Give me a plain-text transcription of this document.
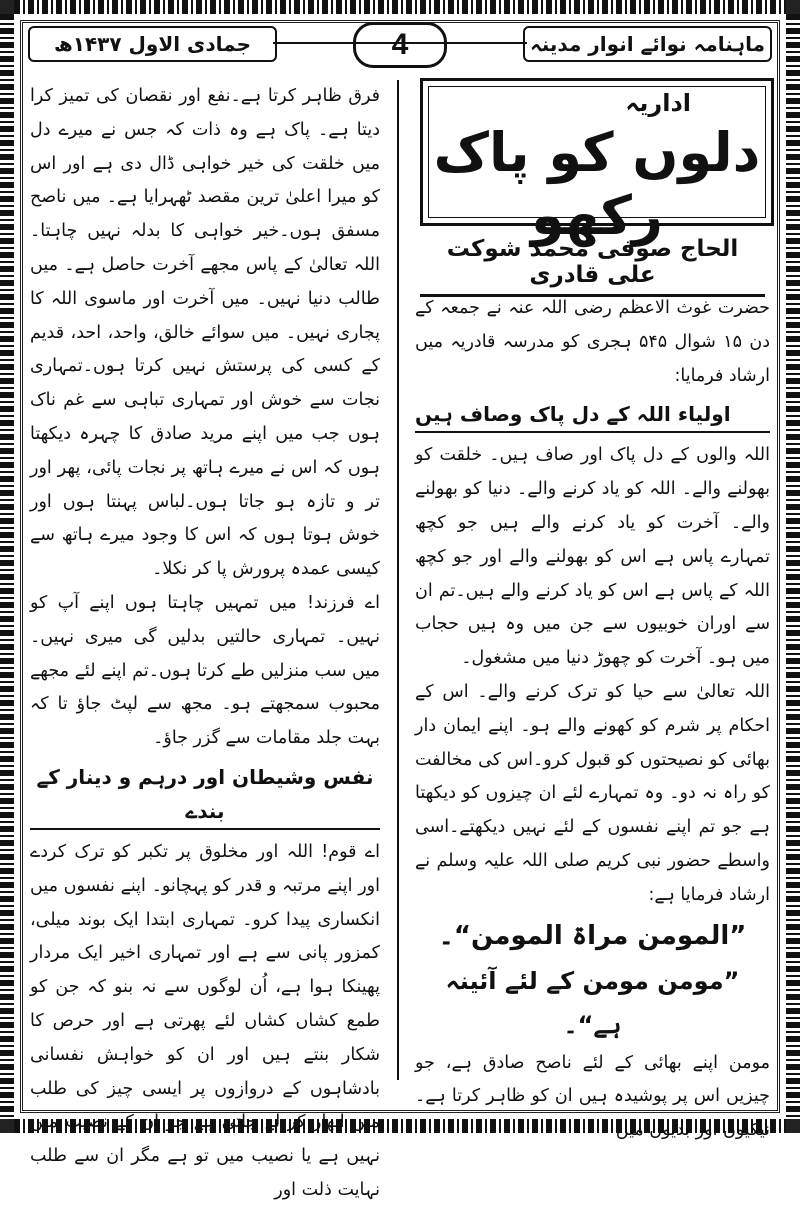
جمادی الاول ۱۴۳۷ھ	4	ماہنامہ نوائے انوار مدینہ
اداریہ
دلوں کو پاک رکھو
الحاج صوفی محمد شوکت علی قادری

حضرت غوث الاعظم رضی اللہ عنہ نے جمعہ کے دن ۱۵ شوال ۵۴۵ ہجری کو مدرسہ قادریہ میں ارشاد فرمایا:

اولیاء اللہ کے دل پاک وصاف ہیں

اللہ والوں کے دل پاک اور صاف ہیں۔ خلقت کو بھولنے والے۔ اللہ کو یاد کرنے والے۔ دنیا کو بھولنے والے۔ آخرت کو یاد کرنے والے ہیں جو کچھ تمہارے پاس ہے اس کو بھولنے والے اور جو کچھ اللہ کے پاس ہے اس کو یاد کرنے والے ہیں۔تم ان سے اوران خوبیوں سے جن میں وہ ہیں حجاب میں ہو۔ آخرت کو چھوڑ دنیا میں مشغول۔

اللہ تعالیٰ سے حیا کو ترک کرنے والے۔ اس کے احکام پر شرم کو کھونے والے ہو۔ اپنے ایمان دار بھائی کو نصیحتوں کو قبول کرو۔اس کی مخالفت کو راہ نہ دو۔ وہ تمہارے لئے ان چیزوں کو دیکھتا ہے جو تم اپنے نفسوں کے لئے نہیں دیکھتے۔اسی واسطے حضور نبی کریم صلی اللہ علیہ وسلم نے ارشاد فرمایا ہے:

”المومن مراۃ المومن“۔
”مومن مومن کے لئے آئینہ ہے“۔

مومن اپنے بھائی کے لئے ناصح صادق ہے، جو چیزیں اس پر پوشیدہ ہیں ان کو ظاہر کرتا ہے۔ نیکیوں اور بدیوں میں

فرق ظاہر کرتا ہے۔نفع اور نقصان کی تمیز کرا دیتا ہے۔ پاک ہے وہ ذات کہ جس نے میرے دل میں خلقت کی خیر خواہی ڈال دی ہے اور اس کو میرا اعلیٰ ترین مقصد ٹھہرایا ہے۔ میں ناصح مسفق ہوں۔خیر خواہی کا بدلہ نہیں چاہتا۔اللہ تعالیٰ کے پاس مجھے آخرت حاصل ہے۔ میں طالب دنیا نہیں۔ میں آخرت اور ماسوی اللہ کا پجاری نہیں۔ میں سوائے خالق، واحد، احد، قدیم کے کسی کی پرستش نہیں کرتا ہوں۔تمہاری نجات سے خوش اور تمہاری تباہی سے غم ناک ہوں جب میں اپنے مرید صادق کا چہرہ دیکھتا ہوں کہ اس نے میرے ہاتھ پر نجات پائی، پھر اور تر و تازہ ہو جاتا ہوں۔لباس پہنتا ہوں اور خوش ہوتا ہوں کہ اس کا وجود میرے ہاتھ سے کیسی عمدہ پرورش پا کر نکلا۔

اے فرزند! میں تمہیں چاہتا ہوں اپنے آپ کو نہیں۔ تمہاری حالتیں بدلیں گی میری نہیں۔ میں سب منزلیں طے کرتا ہوں۔تم اپنے لئے مجھے محبوب سمجھتے ہو۔ مجھ سے لپٹ جاؤ تا کہ بہت جلد مقامات سے گزر جاؤ۔

نفس وشیطان اور درہم و دینار کے بندے

اے قوم! اللہ اور مخلوق پر تکبر کو ترک کردے اور اپنے مرتبہ و قدر کو پہچانو۔ اپنے نفسوں میں انکساری پیدا کرو۔ تمہاری ابتدا ایک بوند میلی، کمزور پانی سے ہے اور تمہاری اخیر ایک مردار پھینکا ہوا ہے، اُن لوگوں سے نہ بنو کہ جن کو طمع کشاں کشاں لئے پھرتی ہے اور حرص کا شکار بنتے ہیں اور ان کو خواہش نفسانی بادشاہوں کے دروازوں پر ایسی چیز کی طلب میں ابھار کر لے جاتی ہے جو ان کے نصیب میں نہیں ہے یا نصیب میں تو ہے مگر ان سے طلب نہایت ذلت اور
